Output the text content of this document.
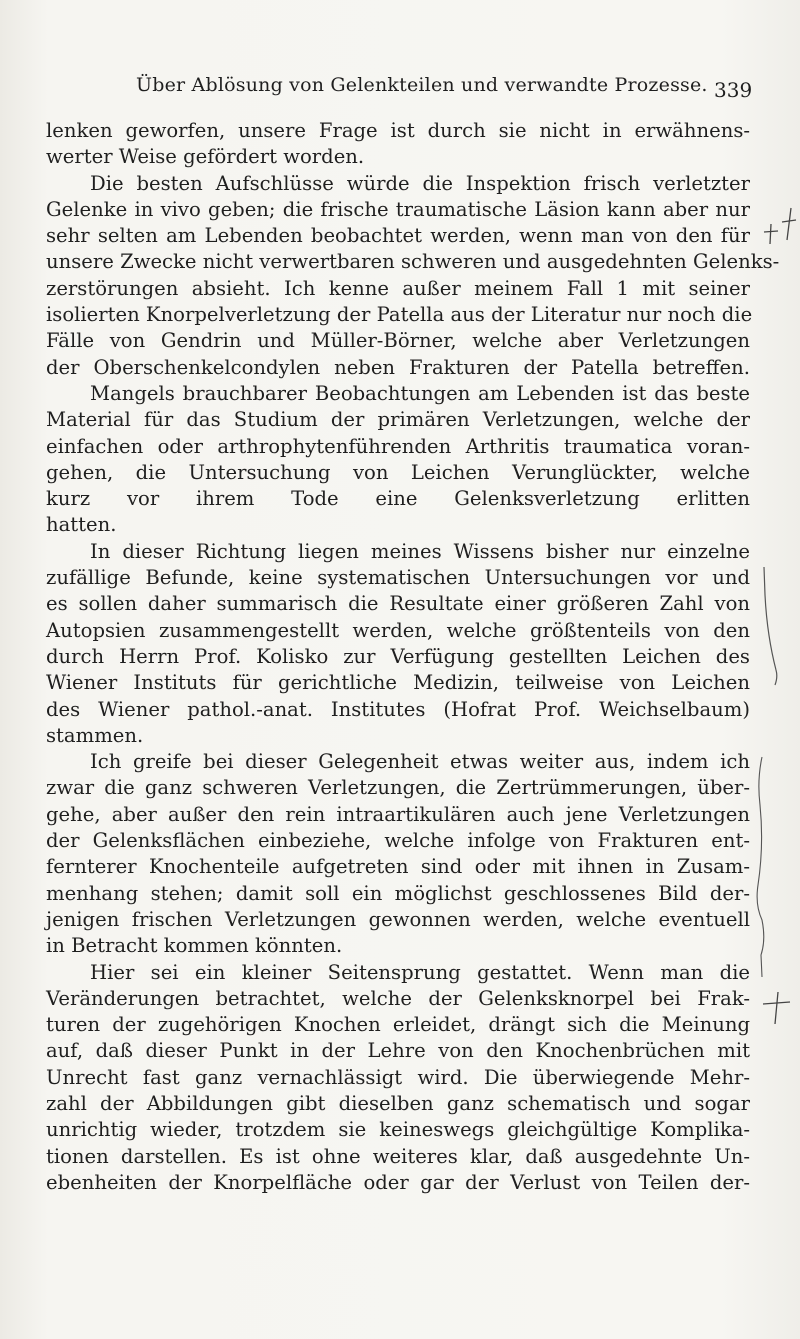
Über Ablösung von Gelenkteilen und verwandte Prozesse. 339
lenken geworfen, unsere Frage ist durch sie nicht in erwähnens-
werter Weise gefördert worden.
Die besten Aufschlüsse würde die Inspektion frisch verletzter
Gelenke in vivo geben; die frische traumatische Läsion kann aber nur
sehr selten am Lebenden beobachtet werden, wenn man von den für
unsere Zwecke nicht verwertbaren schweren und ausgedehnten Gelenks-
zerstörungen absieht. Ich kenne außer meinem Fall 1 mit seiner
isolierten Knorpelverletzung der Patella aus der Literatur nur noch die
Fälle von Gendrin und Müller-Börner, welche aber Verletzungen
der Oberschenkelcondylen neben Frakturen der Patella betreffen.
Mangels brauchbarer Beobachtungen am Lebenden ist das beste
Material für das Studium der primären Verletzungen, welche der
einfachen oder arthrophytenführenden Arthritis traumatica voran-
gehen, die Untersuchung von Leichen Verunglückter, welche
kurz vor ihrem Tode eine Gelenksverletzung erlitten
hatten.
In dieser Richtung liegen meines Wissens bisher nur einzelne
zufällige Befunde, keine systematischen Untersuchungen vor und
es sollen daher summarisch die Resultate einer größeren Zahl von
Autopsien zusammengestellt werden, welche größtenteils von den
durch Herrn Prof. Kolisko zur Verfügung gestellten Leichen des
Wiener Instituts für gerichtliche Medizin, teilweise von Leichen
des Wiener pathol.-anat. Institutes (Hofrat Prof. Weichselbaum)
stammen.
Ich greife bei dieser Gelegenheit etwas weiter aus, indem ich
zwar die ganz schweren Verletzungen, die Zertrümmerungen, über-
gehe, aber außer den rein intraartikulären auch jene Verletzungen
der Gelenksflächen einbeziehe, welche infolge von Frakturen ent-
fernterer Knochenteile aufgetreten sind oder mit ihnen in Zusam-
menhang stehen; damit soll ein möglichst geschlossenes Bild der-
jenigen frischen Verletzungen gewonnen werden, welche eventuell
in Betracht kommen könnten.
Hier sei ein kleiner Seitensprung gestattet. Wenn man die
Veränderungen betrachtet, welche der Gelenksknorpel bei Frak-
turen der zugehörigen Knochen erleidet, drängt sich die Meinung
auf, daß dieser Punkt in der Lehre von den Knochenbrüchen mit
Unrecht fast ganz vernachlässigt wird. Die überwiegende Mehr-
zahl der Abbildungen gibt dieselben ganz schematisch und sogar
unrichtig wieder, trotzdem sie keineswegs gleichgültige Komplika-
tionen darstellen. Es ist ohne weiteres klar, daß ausgedehnte Un-
ebenheiten der Knorpelfläche oder gar der Verlust von Teilen der-
